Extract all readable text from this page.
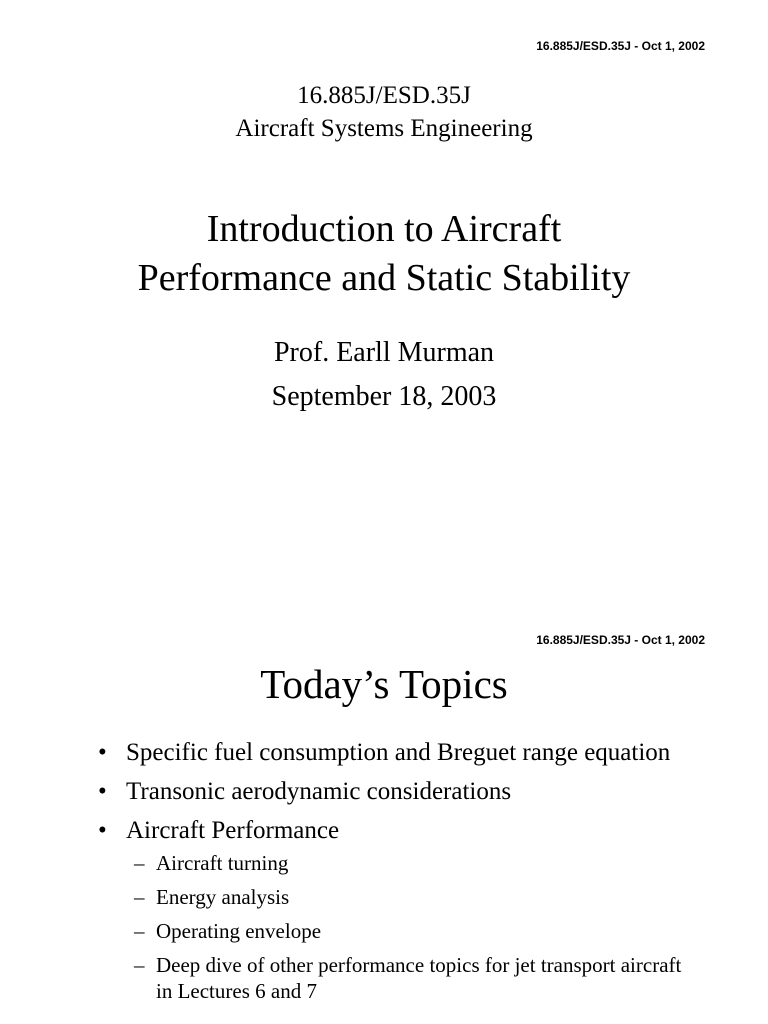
16.885J/ESD.35J - Oct 1, 2002
16.885J/ESD.35J
Aircraft Systems Engineering
Introduction to Aircraft
Performance and Static Stability
Prof. Earll Murman
September 18, 2003
16.885J/ESD.35J - Oct 1, 2002
Today’s Topics
• Specific fuel consumption and Breguet range equation
• Transonic aerodynamic considerations
• Aircraft Performance
– Aircraft turning
– Energy analysis
– Operating envelope
– Deep dive of other performance topics for jet transport aircraft in Lectures 6 and 7
